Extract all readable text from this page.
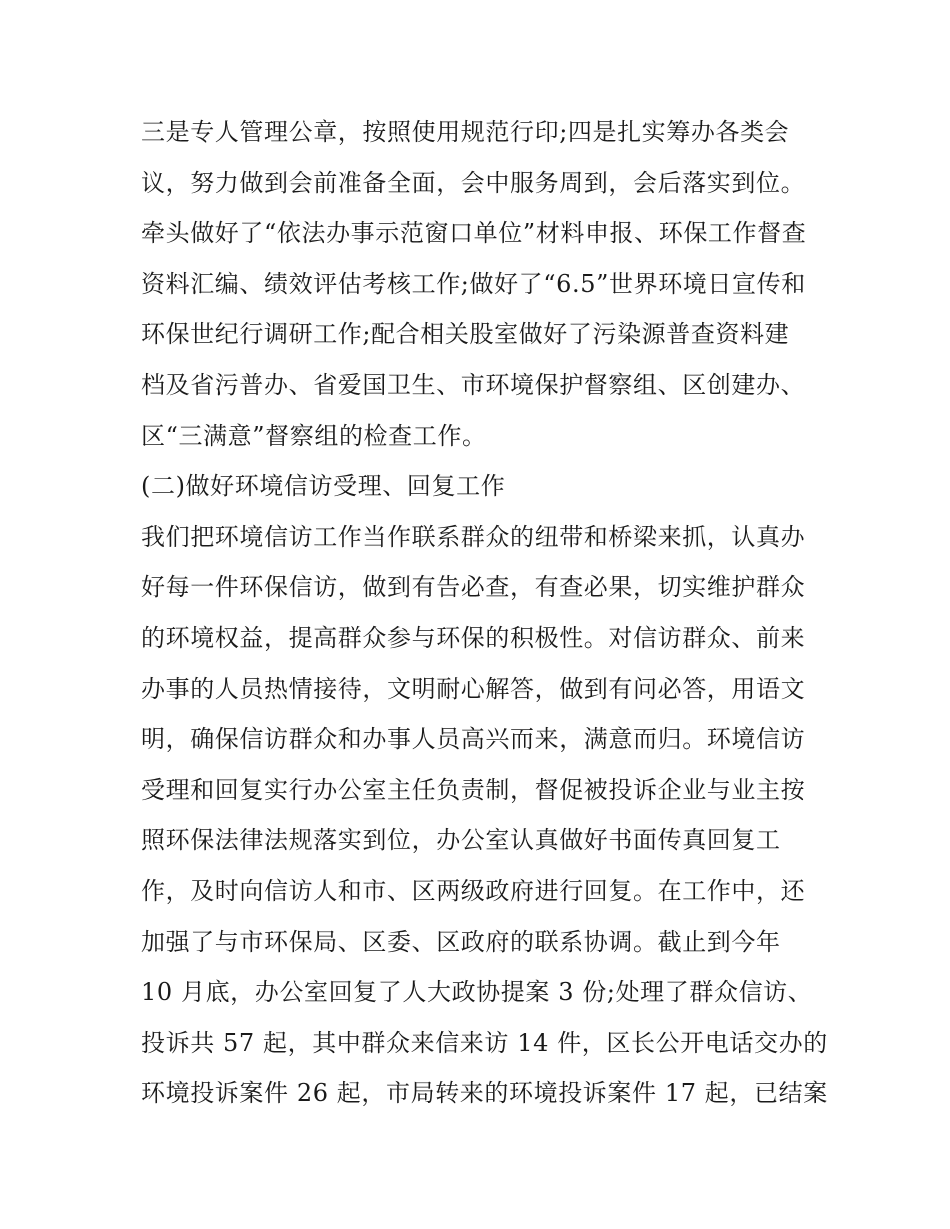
三是专人管理公章，按照使用规范行印;四是扎实筹办各类会
议，努力做到会前准备全面，会中服务周到，会后落实到位。
牵头做好了“依法办事示范窗口单位”材料申报、环保工作督查
资料汇编、绩效评估考核工作;做好了“6.5”世界环境日宣传和
环保世纪行调研工作;配合相关股室做好了污染源普查资料建
档及省污普办、省爱国卫生、市环境保护督察组、区创建办、
区“三满意”督察组的检查工作。
(二)做好环境信访受理、回复工作
我们把环境信访工作当作联系群众的纽带和桥梁来抓，认真办
好每一件环保信访，做到有告必查，有查必果，切实维护群众
的环境权益，提高群众参与环保的积极性。对信访群众、前来
办事的人员热情接待，文明耐心解答，做到有问必答，用语文
明，确保信访群众和办事人员高兴而来，满意而归。环境信访
受理和回复实行办公室主任负责制，督促被投诉企业与业主按
照环保法律法规落实到位，办公室认真做好书面传真回复工
作，及时向信访人和市、区两级政府进行回复。在工作中，还
加强了与市环保局、区委、区政府的联系协调。截止到今年
10 月底，办公室回复了人大政协提案 3 份;处理了群众信访、
投诉共 57 起，其中群众来信来访 14 件，区长公开电话交办的
环境投诉案件 26 起，市局转来的环境投诉案件 17 起，已结案
